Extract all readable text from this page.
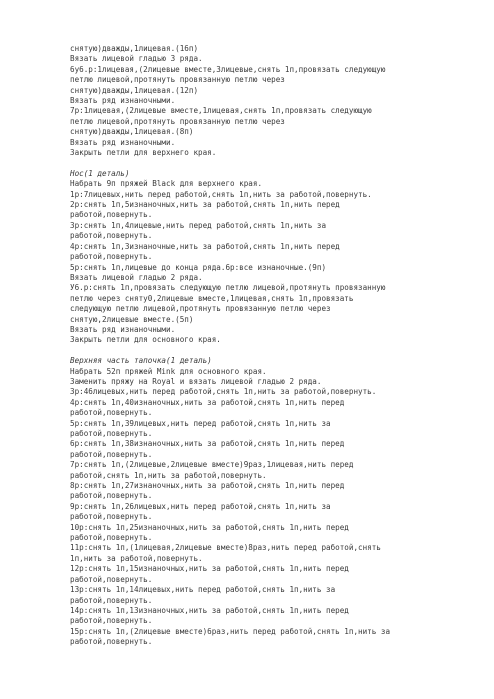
снятую)дважды,1лицевая.(16п)
Вязать лицевой гладью 3 ряда.
6у6.р:1лицевая,(2лицевые вместе,3лицевые,снять 1п,провязать следующую
петлю лицевой,протянуть провязанную петлю через
снятую)дважды,1лицевая.(12п)
Вязать ряд изнаночными.
7р:1лицевая,(2лицевые вместе,1лицевая,снять 1п,провязать следующую
петлю лицевой,протянуть провязанную петлю через
снятую)дважды,1лицевая.(8п)
Вязать ряд изнаночными.
Закрыть петли для верхнего края.
Нос(1 деталь)
Набрать 9п пряжей Black для верхнего края.
1р:7лицевых,нить перед работой,снять 1п,нить за работой,повернуть.
2р:снять 1п,5изнаночных,нить за работой,снять 1п,нить перед
работой,повернуть.
3р:снять 1п,4лицевые,нить перед работой,снять 1п,нить за
работой,повернуть.
4р:снять 1п,3изнаночные,нить за работой,снять 1п,нить перед
работой,повернуть.
5р:снять 1п,лицевые до конца ряда.6р:все изнаночные.(9п)
Вязать лицевой гладью 2 ряда.
У6.р:снять 1п,провязать следующую петлю лицевой,протянуть провязанную
петлю через сняту0,2лицевые вместе,1лицевая,снять 1п,провязать
следующую петлю лицевой,протянуть провязанную петлю через
снятую,2лицевые вместе.(5п)
Вязать ряд изнаночными.
Закрыть петли для основного края.
Верхняя часть тапочка(1 деталь)
Набрать 52п пряжей Mink для основного края.
Заменить пряжу на Royal и вязать лицевой гладью 2 ряда.
3р:46лицевых,нить перед работой,снять 1п,нить за работой,повернуть.
4р:снять 1п,40изнаночных,нить за работой,снять 1п,нить перед
работой,повернуть.
5р:снять 1п,39лицевых,нить перед работой,снять 1п,нить за
работой,повернуть.
6р:снять 1п,38изнаночных,нить за работой,снять 1п,нить перед
работой,повернуть.
7р:снять 1п,(2лицевые,2лицевые вместе)9раз,1лицевая,нить перед
работой,снять 1п,нить за работой,повернуть.
8р:снять 1п,27изнаночных,нить за работой,снять 1п,нить перед
работой,повернуть.
9р:снять 1п,26лицевых,нить перед работой,снять 1п,нить за
работой,повернуть.
10р:снять 1п,25изнаночных,нить за работой,снять 1п,нить перед
работой,повернуть.
11р:снять 1п,(1лицевая,2лицевые вместе)8раз,нить перед работой,снять
1п,нить за работой,повернуть.
12р:снять 1п,15изнаночных,нить за работой,снять 1п,нить перед
работой,повернуть.
13р:снять 1п,14лицевых,нить перед работой,снять 1п,нить за
работой,повернуть.
14р:снять 1п,13изнаночных,нить за работой,снять 1п,нить перед
работой,повернуть.
15р:снять 1п,(2лицевые вместе)6раз,нить перед работой,снять 1п,нить за
работой,повернуть.
